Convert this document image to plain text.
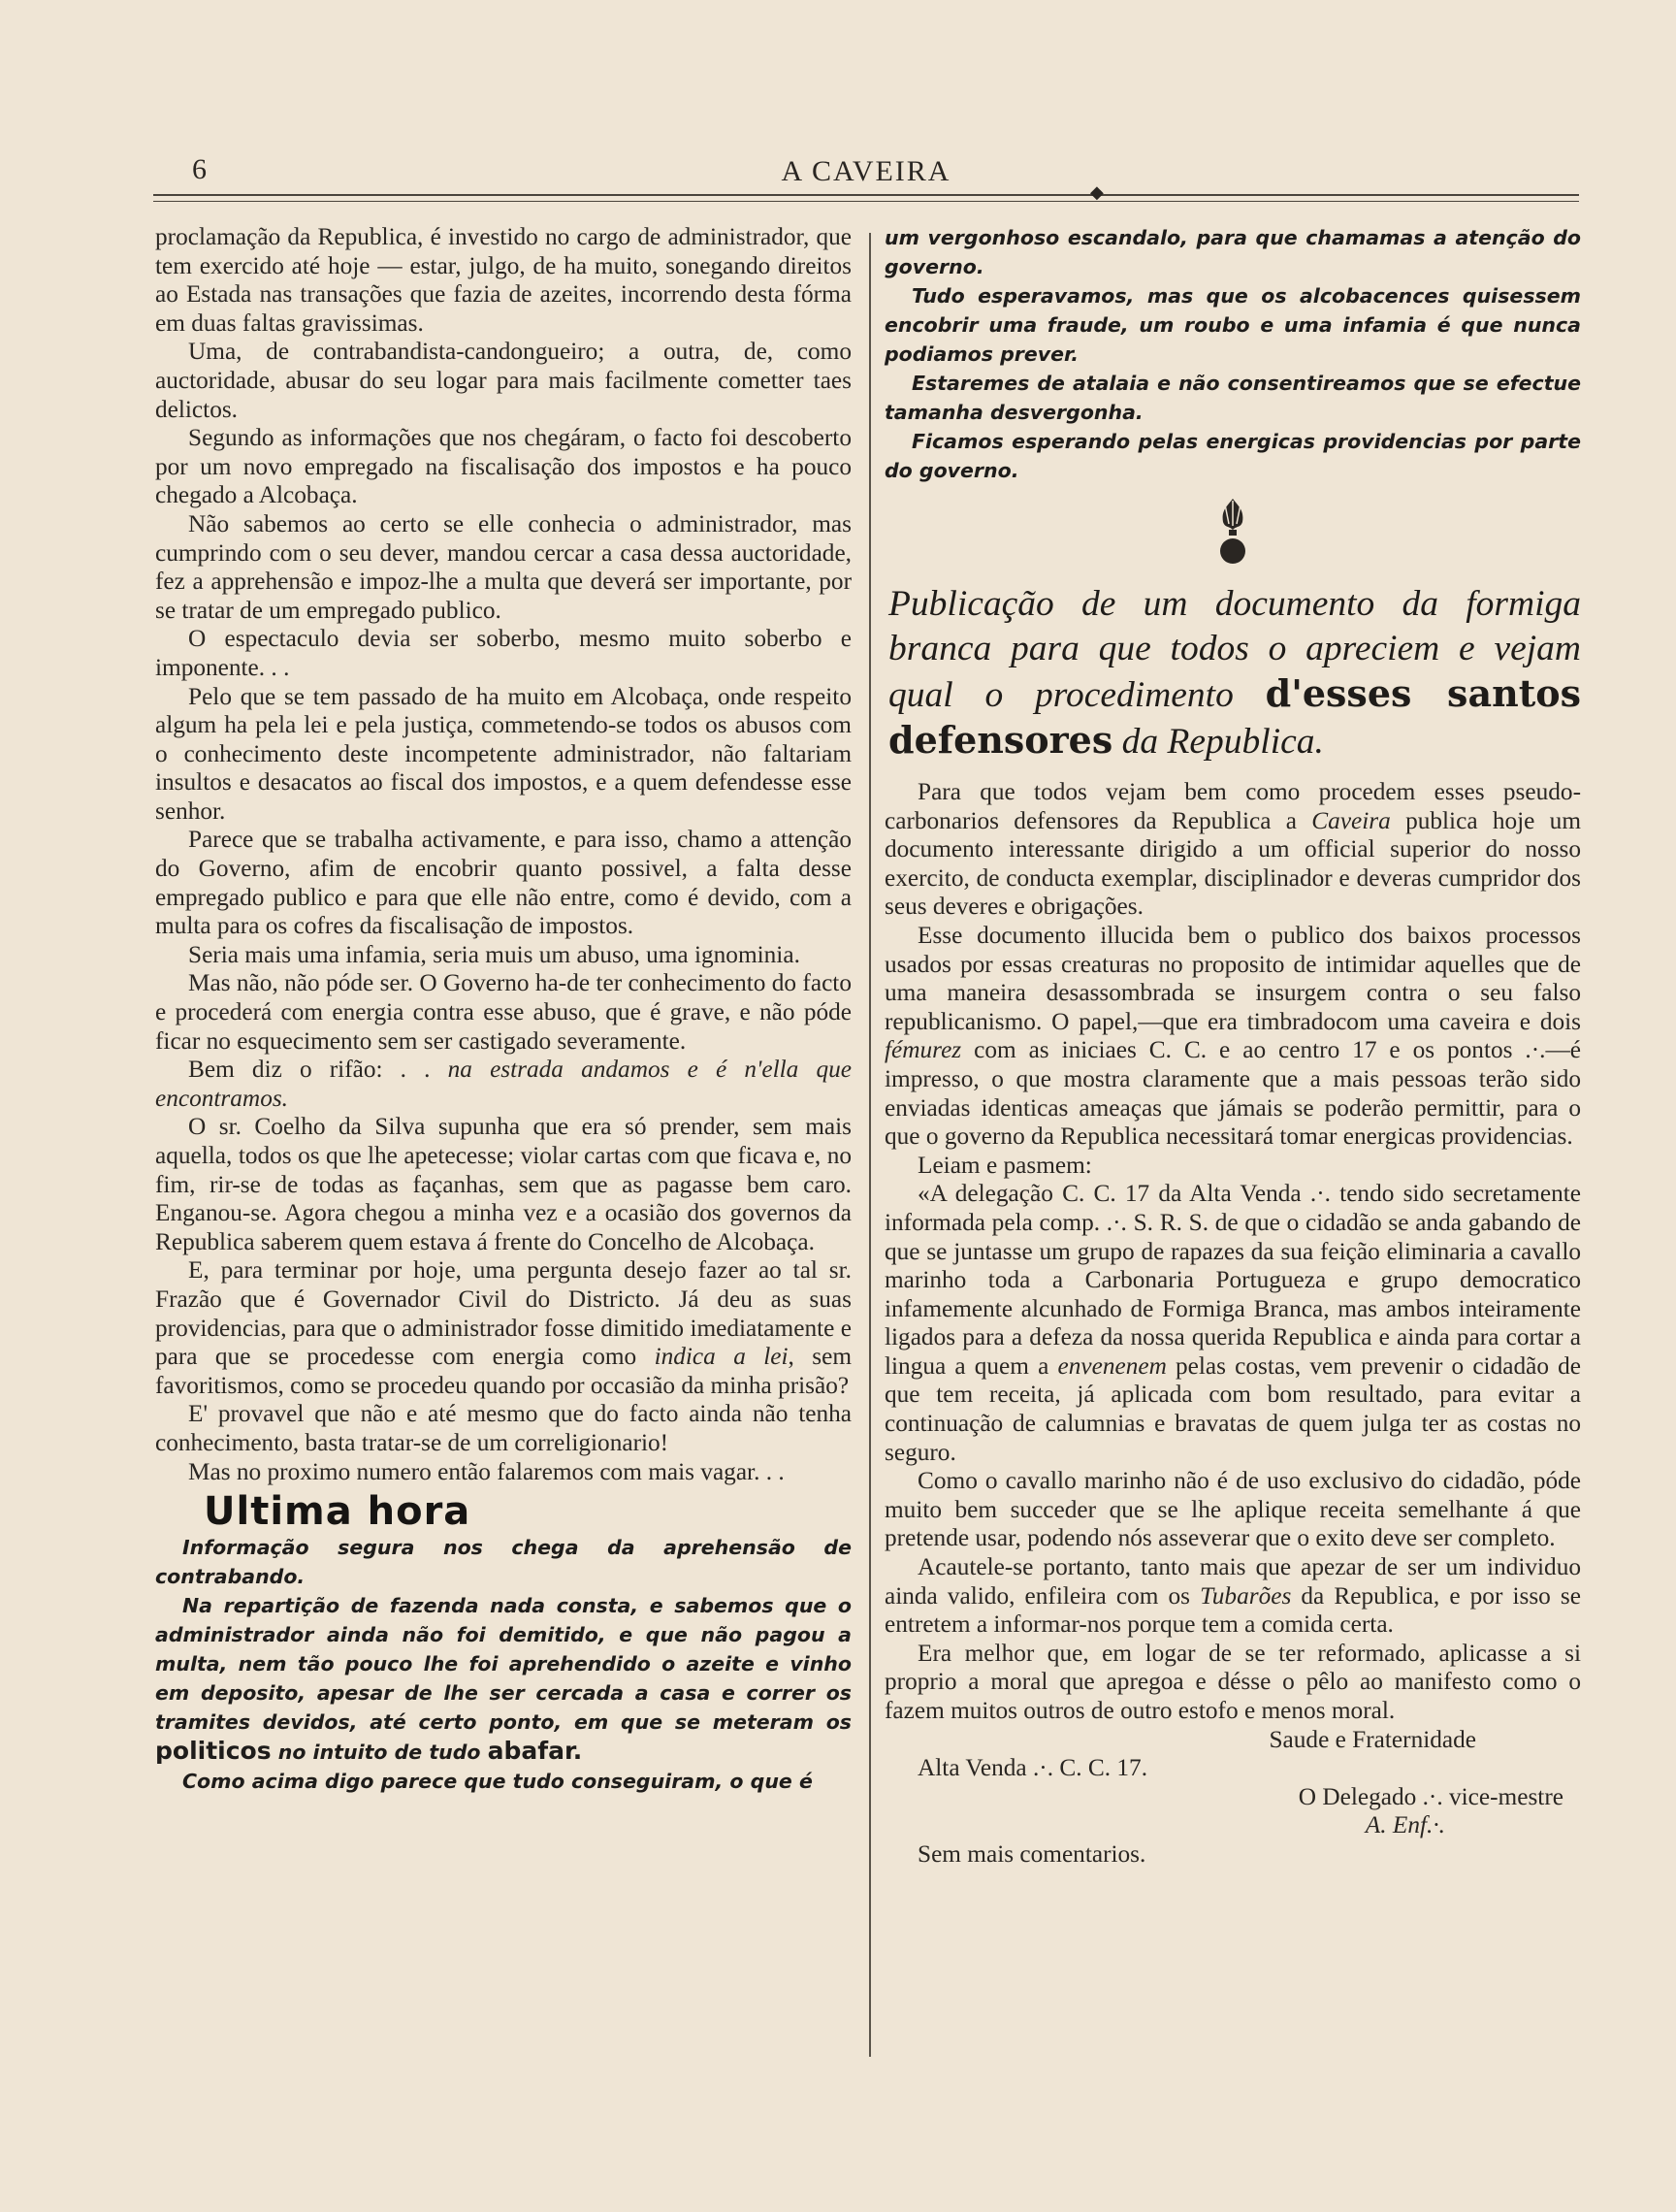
6	A CAVEIRA
◆

proclamação da Republica, é investido no cargo de administrador, que tem exercido até hoje — estar, julgo, de ha muito, sonegando direitos ao Estada nas transações que fazia de azeites, incorrendo desta fórma em duas faltas gravissimas.

Uma, de contrabandista-candongueiro; a outra, de, como auctoridade, abusar do seu logar para mais facilmente cometter taes delictos.

Segundo as informações que nos chegáram, o facto foi descoberto por um novo empregado na fiscalisação dos impostos e ha pouco chegado a Alcobaça.

Não sabemos ao certo se elle conhecia o administrador, mas cumprindo com o seu dever, mandou cercar a casa dessa auctoridade, fez a apprehensão e impoz-lhe a multa que deverá ser importante, por se tratar de um empregado publico.

O espectaculo devia ser soberbo, mesmo muito soberbo e imponente. . .

Pelo que se tem passado de ha muito em Alcobaça, onde respeito algum ha pela lei e pela justiça, commetendo-se todos os abusos com o conhecimento deste incompetente administrador, não faltariam insultos e desacatos ao fiscal dos impostos, e a quem defendesse esse senhor.

Parece que se trabalha activamente, e para isso, chamo a attenção do Governo, afim de encobrir quanto possivel, a falta desse empregado publico e para que elle não entre, como é devido, com a multa para os cofres da fiscalisação de impostos.

Seria mais uma infamia, seria muis um abuso, uma ignominia.

Mas não, não póde ser. O Governo ha-de ter conhecimento do facto e procederá com energia contra esse abuso, que é grave, e não póde ficar no esquecimento sem ser castigado severamente.

Bem diz o rifão: . . na estrada andamos e é n'ella que encontramos.

O sr. Coelho da Silva supunha que era só prender, sem mais aquella, todos os que lhe apetecesse; violar cartas com que ficava e, no fim, rir-se de todas as façanhas, sem que as pagasse bem caro. Enganou-se. Agora chegou a minha vez e a ocasião dos governos da Republica saberem quem estava á frente do Concelho de Alcobaça.

E, para terminar por hoje, uma pergunta desejo fazer ao tal sr. Frazão que é Governador Civil do Districto. Já deu as suas providencias, para que o administrador fosse dimitido imediatamente e para que se procedesse com energia como indica a lei, sem favoritismos, como se procedeu quando por occasião da minha prisão?

E' provavel que não e até mesmo que do facto ainda não tenha conhecimento, basta tratar-se de um correligionario!

Mas no proximo numero então falaremos com mais vagar. . .

Ultima hora

Informação segura nos chega da aprehensão de contrabando.

Na repartição de fazenda nada consta, e sabemos que o administrador ainda não foi demitido, e que não pagou a multa, nem tão pouco lhe foi aprehendido o azeite e vinho em deposito, apesar de lhe ser cercada a casa e correr os tramites devidos, até certo ponto, em que se meteram os politicos no intuito de tudo abafar.

Como acima digo parece que tudo conseguiram, o que é

um vergonhoso escandalo, para que chamamas a atenção do governo.

Tudo esperavamos, mas que os alcobacences quisessem encobrir uma fraude, um roubo e uma infamia é que nunca podiamos prever.

Estaremes de atalaia e não consentireamos que se efectue tamanha desvergonha.

Ficamos esperando pelas energicas providencias por parte do governo.

Publicação de um documento da formiga branca para que todos o apreciem e vejam qual o procedimento d'esses santos defensores da Republica.

Para que todos vejam bem como procedem esses pseudo-carbonarios defensores da Republica a Caveira publica hoje um documento interessante dirigido a um official superior do nosso exercito, de conducta exemplar, disciplinador e deveras cumpridor dos seus deveres e obrigações.

Esse documento illucida bem o publico dos baixos processos usados por essas creaturas no proposito de intimidar aquelles que de uma maneira desassombrada se insurgem contra o seu falso republicanismo. O papel,—que era timbradocom uma caveira e dois fémurez com as iniciaes C. C. e ao centro 17 e os pontos .·.—é impresso, o que mostra claramente que a mais pessoas terão sido enviadas identicas ameaças que jámais se poderão permittir, para o que o governo da Republica necessitará tomar energicas providencias.

Leiam e pasmem:

«A delegação C. C. 17 da Alta Venda .·. tendo sido secretamente informada pela comp. .·. S. R. S. de que o cidadão se anda gabando de que se juntasse um grupo de rapazes da sua feição eliminaria a cavallo marinho toda a Carbonaria Portugueza e grupo democratico infamemente alcunhado de Formiga Branca, mas ambos inteiramente ligados para a defeza da nossa querida Republica e ainda para cortar a lingua a quem a envenenem pelas costas, vem prevenir o cidadão de que tem receita, já aplicada com bom resultado, para evitar a continuação de calumnias e bravatas de quem julga ter as costas no seguro.

Como o cavallo marinho não é de uso exclusivo do cidadão, póde muito bem succeder que se lhe aplique receita semelhante á que pretende usar, podendo nós asseverar que o exito deve ser completo.

Acautele-se portanto, tanto mais que apezar de ser um individuo ainda valido, enfileira com os Tubarões da Republica, e por isso se entretem a informar-nos porque tem a comida certa.

Era melhor que, em logar de se ter reformado, aplicasse a si proprio a moral que apregoa e désse o pêlo ao manifesto como o fazem muitos outros de outro estofo e menos moral.

Saude e Fraternidade

Alta Venda .·. C. C. 17.

O Delegado .·. vice-mestre

A. Enf.·.

Sem mais comentarios.
